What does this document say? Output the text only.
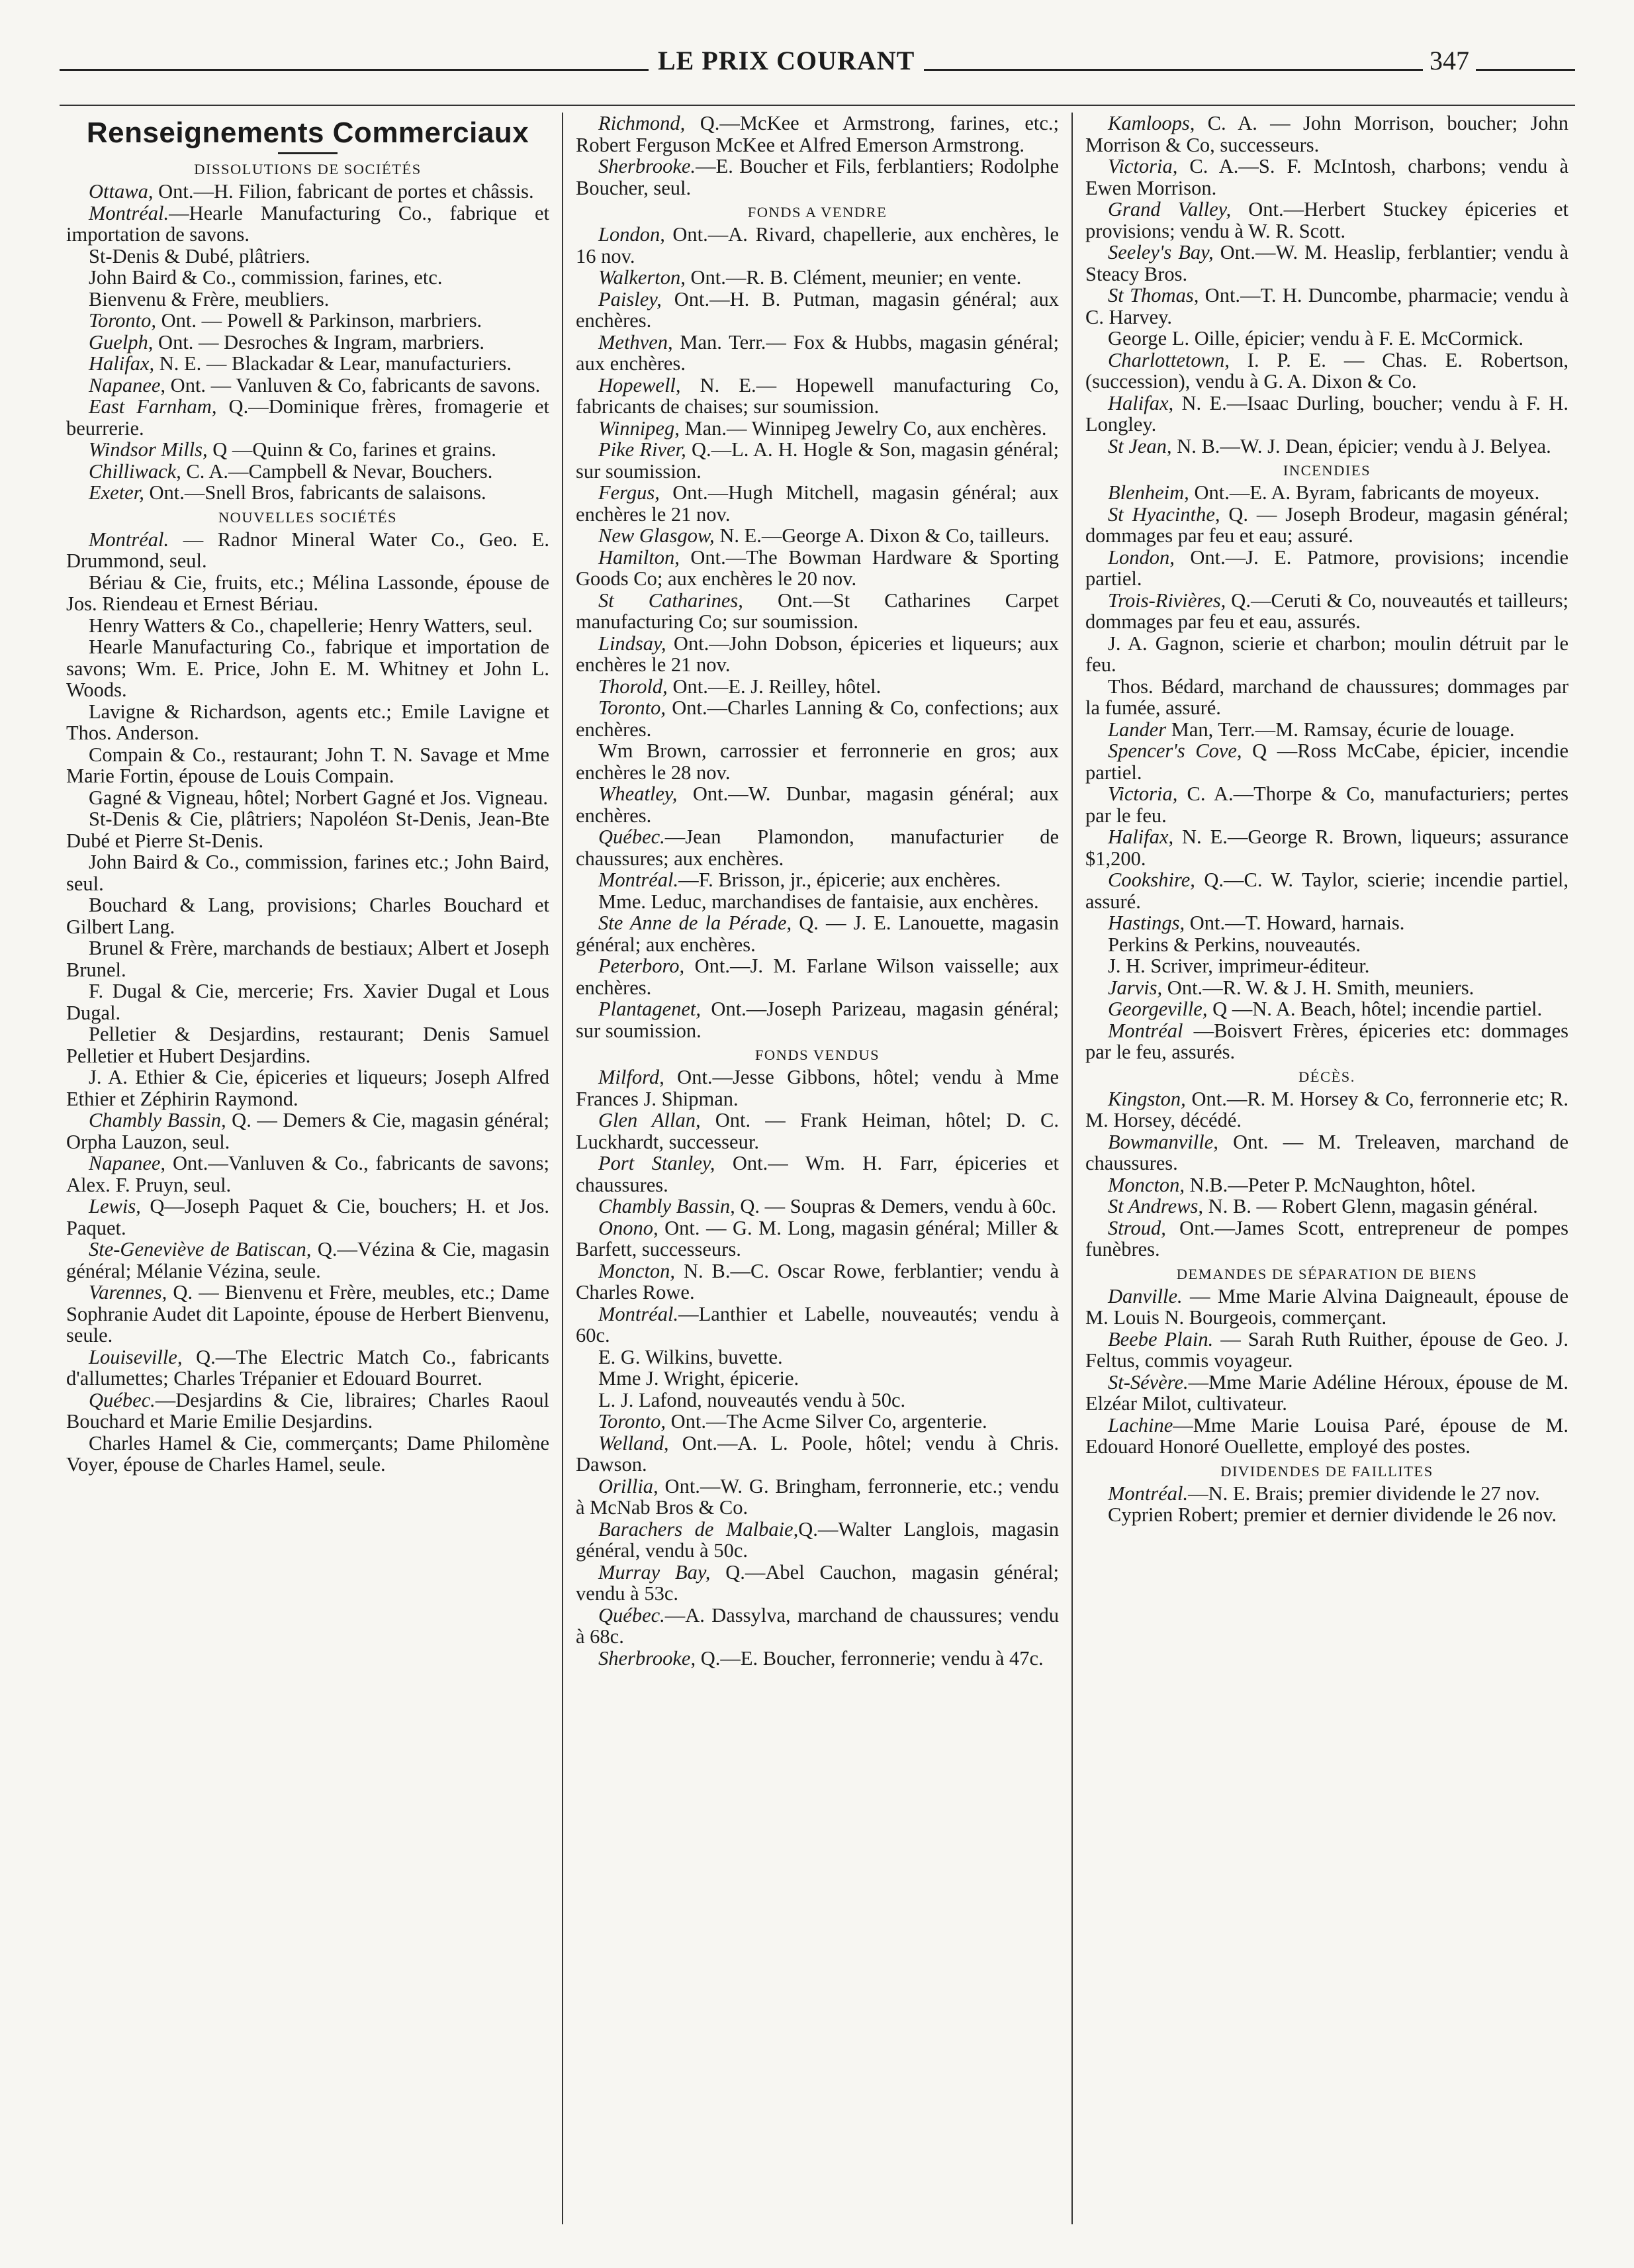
LE PRIX COURANT	347
Renseignements Commerciaux
DISSOLUTIONS DE SOCIÉTÉS

Ottawa, Ont.—H. Filion, fabricant de portes et châssis.

Montréal.—Hearle Manufacturing Co., fabrique et importation de savons.

St-Denis & Dubé, plâtriers.

John Baird & Co., commission, farines, etc.

Bienvenu & Frère, meubliers.

Toronto, Ont. — Powell & Parkinson, marbriers.

Guelph, Ont. — Desroches & Ingram, marbriers.

Halifax, N. E. — Blackadar & Lear, manufacturiers.

Napanee, Ont. — Vanluven & Co, fabricants de savons.

East Farnham, Q.—Dominique frères, fromagerie et beurrerie.

Windsor Mills, Q —Quinn & Co, farines et grains.

Chilliwack, C. A.—Campbell & Nevar, Bouchers.

Exeter, Ont.—Snell Bros, fabricants de salaisons.

NOUVELLES SOCIÉTÉS

Montréal. — Radnor Mineral Water Co., Geo. E. Drummond, seul.

Bériau & Cie, fruits, etc.; Mélina Lassonde, épouse de Jos. Riendeau et Ernest Bériau.

Henry Watters & Co., chapellerie; Henry Watters, seul.

Hearle Manufacturing Co., fabrique et importation de savons; Wm. E. Price, John E. M. Whitney et John L. Woods.

Lavigne & Richardson, agents etc.; Emile Lavigne et Thos. Anderson.

Compain & Co., restaurant; John T. N. Savage et Mme Marie Fortin, épouse de Louis Compain.

Gagné & Vigneau, hôtel; Norbert Gagné et Jos. Vigneau.

St-Denis & Cie, plâtriers; Napoléon St-Denis, Jean-Bte Dubé et Pierre St-Denis.

John Baird & Co., commission, farines etc.; John Baird, seul.

Bouchard & Lang, provisions; Charles Bouchard et Gilbert Lang.

Brunel & Frère, marchands de bestiaux; Albert et Joseph Brunel.

F. Dugal & Cie, mercerie; Frs. Xavier Dugal et Lous Dugal.

Pelletier & Desjardins, restaurant; Denis Samuel Pelletier et Hubert Desjardins.

J. A. Ethier & Cie, épiceries et liqueurs; Joseph Alfred Ethier et Zéphirin Raymond.

Chambly Bassin, Q. — Demers & Cie, magasin général; Orpha Lauzon, seul.

Napanee, Ont.—Vanluven & Co., fabricants de savons; Alex. F. Pruyn, seul.

Lewis, Q—Joseph Paquet & Cie, bouchers; H. et Jos. Paquet.

Ste-Geneviève de Batiscan, Q.—Vézina & Cie, magasin général; Mélanie Vézina, seule.

Varennes, Q. — Bienvenu et Frère, meubles, etc.; Dame Sophranie Audet dit Lapointe, épouse de Herbert Bienvenu, seule.

Louiseville, Q.—The Electric Match Co., fabricants d'allumettes; Charles Trépanier et Edouard Bourret.

Québec.—Desjardins & Cie, libraires; Charles Raoul Bouchard et Marie Emilie Desjardins.

Charles Hamel & Cie, commerçants; Dame Philomène Voyer, épouse de Charles Hamel, seule.

Richmond, Q.—McKee et Armstrong, farines, etc.; Robert Ferguson McKee et Alfred Emerson Armstrong.

Sherbrooke.—E. Boucher et Fils, ferblantiers; Rodolphe Boucher, seul.

FONDS A VENDRE

London, Ont.—A. Rivard, chapellerie, aux enchères, le 16 nov.

Walkerton, Ont.—R. B. Clément, meunier; en vente.

Paisley, Ont.—H. B. Putman, magasin général; aux enchères.

Methven, Man. Terr.— Fox & Hubbs, magasin général; aux enchères.

Hopewell, N. E.— Hopewell manufacturing Co, fabricants de chaises; sur soumission.

Winnipeg, Man.— Winnipeg Jewelry Co, aux enchères.

Pike River, Q.—L. A. H. Hogle & Son, magasin général; sur soumission.

Fergus, Ont.—Hugh Mitchell, magasin général; aux enchères le 21 nov.

New Glasgow, N. E.—George A. Dixon & Co, tailleurs.

Hamilton, Ont.—The Bowman Hardware & Sporting Goods Co; aux enchères le 20 nov.

St Catharines, Ont.—St Catharines Carpet manufacturing Co; sur soumission.

Lindsay, Ont.—John Dobson, épiceries et liqueurs; aux enchères le 21 nov.

Thorold, Ont.—E. J. Reilley, hôtel.

Toronto, Ont.—Charles Lanning & Co, confections; aux enchères.

Wm Brown, carrossier et ferronnerie en gros; aux enchères le 28 nov.

Wheatley, Ont.—W. Dunbar, magasin général; aux enchères.

Québec.—Jean Plamondon, manufacturier de chaussures; aux enchères.

Montréal.—F. Brisson, jr., épicerie; aux enchères.

Mme. Leduc, marchandises de fantaisie, aux enchères.

Ste Anne de la Pérade, Q. — J. E. Lanouette, magasin général; aux enchères.

Peterboro, Ont.—J. M. Farlane Wilson vaisselle; aux enchères.

Plantagenet, Ont.—Joseph Parizeau, magasin général; sur soumission.

FONDS VENDUS

Milford, Ont.—Jesse Gibbons, hôtel; vendu à Mme Frances J. Shipman.

Glen Allan, Ont. — Frank Heiman, hôtel; D. C. Luckhardt, successeur.

Port Stanley, Ont.— Wm. H. Farr, épiceries et chaussures.

Chambly Bassin, Q. — Soupras & Demers, vendu à 60c.

Onono, Ont. — G. M. Long, magasin général; Miller & Barfett, successeurs.

Moncton, N. B.—C. Oscar Rowe, ferblantier; vendu à Charles Rowe.

Montréal.—Lanthier et Labelle, nouveautés; vendu à 60c.

E. G. Wilkins, buvette.

Mme J. Wright, épicerie.

L. J. Lafond, nouveautés vendu à 50c.

Toronto, Ont.—The Acme Silver Co, argenterie.

Welland, Ont.—A. L. Poole, hôtel; vendu à Chris. Dawson.

Orillia, Ont.—W. G. Bringham, ferronnerie, etc.; vendu à McNab Bros & Co.

Barachers de Malbaie,Q.—Walter Langlois, magasin général, vendu à 50c.

Murray Bay, Q.—Abel Cauchon, magasin général; vendu à 53c.

Québec.—A. Dassylva, marchand de chaussures; vendu à 68c.

Sherbrooke, Q.—E. Boucher, ferronnerie; vendu à 47c.

Kamloops, C. A. — John Morrison, boucher; John Morrison & Co, successeurs.

Victoria, C. A.—S. F. McIntosh, charbons; vendu à Ewen Morrison.

Grand Valley, Ont.—Herbert Stuckey épiceries et provisions; vendu à W. R. Scott.

Seeley's Bay, Ont.—W. M. Heaslip, ferblantier; vendu à Steacy Bros.

St Thomas, Ont.—T. H. Duncombe, pharmacie; vendu à C. Harvey.

George L. Oille, épicier; vendu à F. E. McCormick.

Charlottetown, I. P. E. — Chas. E. Robertson, (succession), vendu à G. A. Dixon & Co.

Halifax, N. E.—Isaac Durling, boucher; vendu à F. H. Longley.

St Jean, N. B.—W. J. Dean, épicier; vendu à J. Belyea.

INCENDIES

Blenheim, Ont.—E. A. Byram, fabricants de moyeux.

St Hyacinthe, Q. — Joseph Brodeur, magasin général; dommages par feu et eau; assuré.

London, Ont.—J. E. Patmore, provisions; incendie partiel.

Trois-Rivières, Q.—Ceruti & Co, nouveautés et tailleurs; dommages par feu et eau, assurés.

J. A. Gagnon, scierie et charbon; moulin détruit par le feu.

Thos. Bédard, marchand de chaussures; dommages par la fumée, assuré.

Lander Man, Terr.—M. Ramsay, écurie de louage.

Spencer's Cove, Q —Ross McCabe, épicier, incendie partiel.

Victoria, C. A.—Thorpe & Co, manufacturiers; pertes par le feu.

Halifax, N. E.—George R. Brown, liqueurs; assurance $1,200.

Cookshire, Q.—C. W. Taylor, scierie; incendie partiel, assuré.

Hastings, Ont.—T. Howard, harnais.

Perkins & Perkins, nouveautés.

J. H. Scriver, imprimeur-éditeur.

Jarvis, Ont.—R. W. & J. H. Smith, meuniers.

Georgeville, Q —N. A. Beach, hôtel; incendie partiel.

Montréal —Boisvert Frères, épiceries etc: dommages par le feu, assurés.

DÉCÈS.

Kingston, Ont.—R. M. Horsey & Co, ferronnerie etc; R. M. Horsey, décédé.

Bowmanville, Ont. — M. Treleaven, marchand de chaussures.

Moncton, N.B.—Peter P. McNaughton, hôtel.

St Andrews, N. B. — Robert Glenn, magasin général.

Stroud, Ont.—James Scott, entrepreneur de pompes funèbres.

DEMANDES DE SÉPARATION DE BIENS

Danville. — Mme Marie Alvina Daigneault, épouse de M. Louis N. Bourgeois, commerçant.

Beebe Plain. — Sarah Ruth Ruither, épouse de Geo. J. Feltus, commis voyageur.

St-Sévère.—Mme Marie Adéline Héroux, épouse de M. Elzéar Milot, cultivateur.

Lachine—Mme Marie Louisa Paré, épouse de M. Edouard Honoré Ouellette, employé des postes.

DIVIDENDES DE FAILLITES

Montréal.—N. E. Brais; premier dividende le 27 nov.

Cyprien Robert; premier et dernier dividende le 26 nov.
